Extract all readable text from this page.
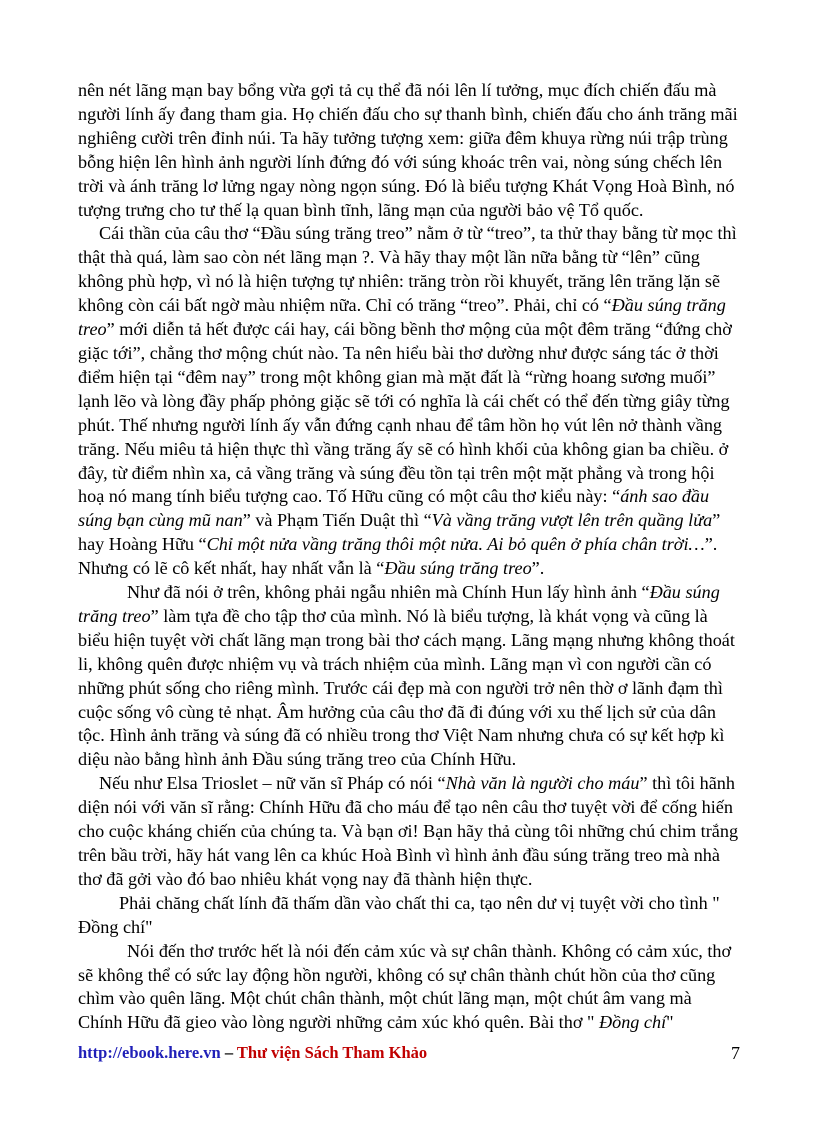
nên nét lãng mạn bay bổng vừa gợi tả cụ thể đã nói lên lí tưởng, mục đích chiến đấu mà người lính ấy đang tham gia. Họ chiến đấu cho sự thanh bình, chiến đấu cho ánh trăng mãi nghiêng cười trên đỉnh núi. Ta hãy tưởng tượng xem: giữa đêm khuya rừng núi trập trùng bỗng hiện lên hình ảnh người lính đứng đó với súng khoác trên vai, nòng súng chếch lên trời và ánh trăng lơ lửng ngay nòng ngọn súng. Đó là biểu tượng Khát Vọng Hoà Bình, nó tượng trưng cho tư thế lạ quan bình tĩnh, lãng mạn của người bảo vệ Tổ quốc.

Cái thần của câu thơ “Đầu súng trăng treo” nằm ở từ “treo”, ta thử thay bằng từ mọc thì thật thà quá, làm sao còn nét lãng mạn ?. Và hãy thay một lần nữa bằng từ “lên” cũng không phù hợp, vì nó là hiện tượng tự nhiên: trăng tròn rồi khuyết, trăng lên trăng lặn sẽ không còn cái bất ngờ màu nhiệm nữa. Chỉ có trăng “treo”. Phải, chỉ có “Đầu súng trăng treo” mới diễn tả hết được cái hay, cái bồng bềnh thơ mộng của một đêm trăng “đứng chờ giặc tới”, chẳng thơ mộng chút nào. Ta nên hiểu bài thơ dường như được sáng tác ở thời điểm hiện tại “đêm nay” trong một không gian mà mặt đất là “rừng hoang sương muối” lạnh lẽo và lòng đầy phấp phỏng giặc sẽ tới có nghĩa là cái chết có thể đến từng giây từng phút. Thế nhưng người lính ấy vẫn đứng cạnh nhau để tâm hồn họ vút lên nở thành vầng trăng. Nếu miêu tả hiện thực thì vầng trăng ấy sẽ có hình khối của không gian ba chiều. ở đây, từ điểm nhìn xa, cả vầng trăng và súng đều tồn tại trên một mặt phẳng và trong hội hoạ nó mang tính biểu tượng cao. Tố Hữu cũng có một câu thơ kiểu này: “ánh sao đầu súng bạn cùng mũ nan” và Phạm Tiến Duật thì “Và vầng trăng vượt lên trên quầng lửa” hay Hoàng Hữu “Chỉ một nửa vầng trăng thôi một nửa. Ai bỏ quên ở phía chân trời…”. Nhưng có lẽ cô kết nhất, hay nhất vẫn là “Đầu súng trăng treo”.

Như đã nói ở trên, không phải ngẫu nhiên mà Chính Hun lấy hình ảnh “Đầu súng trăng treo” làm tựa đề cho tập thơ của mình. Nó là biểu tượng, là khát vọng và cũng là biểu hiện tuyệt vời chất lãng mạn trong bài thơ cách mạng. Lãng mạng nhưng không thoát li, không quên được nhiệm vụ và trách nhiệm của mình. Lãng mạn vì con người cần có những phút sống cho riêng mình. Trước cái đẹp mà con người trở nên thờ ơ lãnh đạm thì cuộc sống vô cùng tẻ nhạt. Âm hưởng của câu thơ đã đi đúng với xu thế lịch sử của dân tộc. Hình ảnh trăng và súng đã có nhiều trong thơ Việt Nam nhưng chưa có sự kết hợp kì diệu nào bằng hình ảnh Đầu súng trăng treo của Chính Hữu.

Nếu như Elsa Trioslet – nữ văn sĩ Pháp có nói “Nhà văn là người cho máu” thì tôi hãnh diện nói với văn sĩ rằng: Chính Hữu đã cho máu để tạo nên câu thơ tuyệt vời để cống hiến cho cuộc kháng chiến của chúng ta. Và bạn ơi! Bạn hãy thả cùng tôi những chú chim trắng trên bầu trời, hãy hát vang lên ca khúc Hoà Bình vì hình ảnh đầu súng trăng treo mà nhà thơ đã gởi vào đó bao nhiêu khát vọng nay đã thành hiện thực.

Phải chăng chất lính đã thấm dần vào chất thi ca, tạo nên dư vị tuyệt vời cho tình " Đồng chí"

Nói đến thơ trước hết là nói đến cảm xúc và sự chân thành. Không có cảm xúc, thơ sẽ không thể có sức lay động hồn người, không có sự chân thành chút hồn của thơ cũng chìm vào quên lãng. Một chút chân thành, một chút lãng mạn, một chút âm vang mà Chính Hữu đã gieo vào lòng người những cảm xúc khó quên. Bài thơ " Đồng chí"

http://ebook.here.vn – Thư viện Sách Tham Khảo	7
